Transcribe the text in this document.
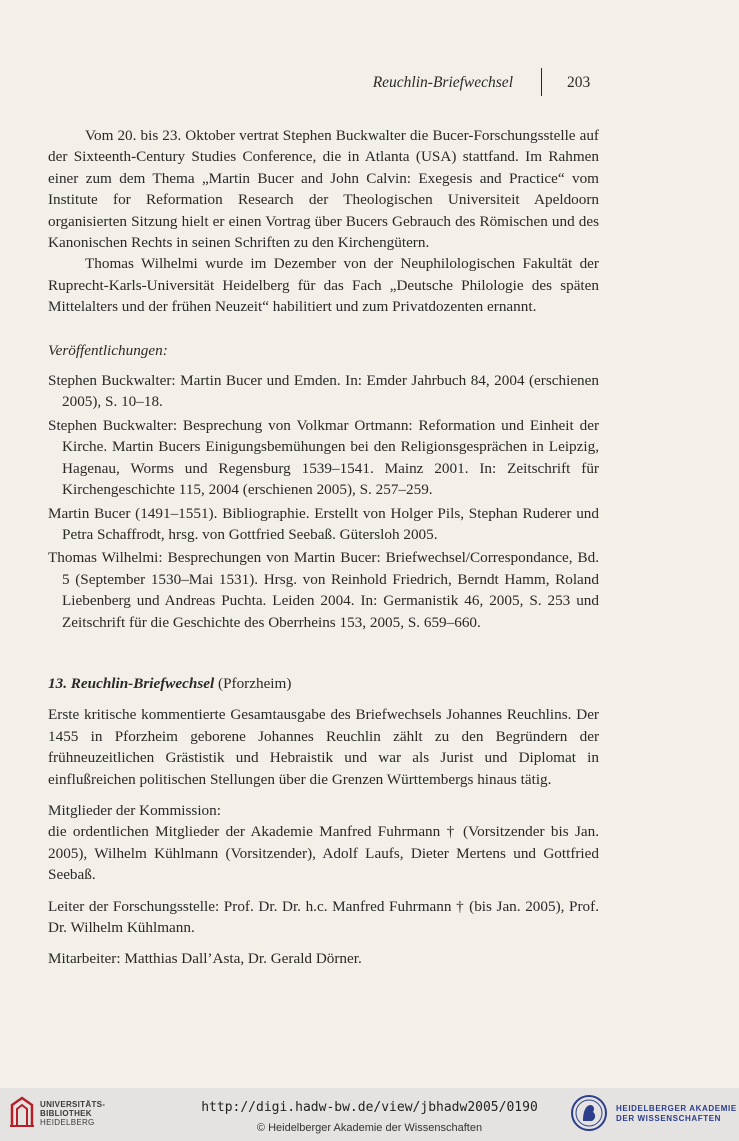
Reuchlin-Briefwechsel	203

Vom 20. bis 23. Oktober vertrat Stephen Buckwalter die Bucer-Forschungsstelle auf der Sixteenth-Century Studies Conference, die in Atlanta (USA) stattfand. Im Rahmen einer zum dem Thema „Martin Bucer and John Calvin: Exegesis and Practice“ vom Institute for Reformation Research der Theologischen Universiteit Apeldoorn organisierten Sitzung hielt er einen Vortrag über Bucers Gebrauch des Römischen und des Kanonischen Rechts in seinen Schriften zu den Kirchengütern.

Thomas Wilhelmi wurde im Dezember von der Neuphilologischen Fakultät der Ruprecht-Karls-Universität Heidelberg für das Fach „Deutsche Philologie des späten Mittelalters und der frühen Neuzeit“ habilitiert und zum Privatdozenten ernannt.

Veröffentlichungen:

Stephen Buckwalter: Martin Bucer und Emden. In: Emder Jahrbuch 84, 2004 (erschienen 2005), S. 10–18.

Stephen Buckwalter: Besprechung von Volkmar Ortmann: Reformation und Einheit der Kirche. Martin Bucers Einigungsbemühungen bei den Religionsgesprächen in Leipzig, Hagenau, Worms und Regensburg 1539–1541. Mainz 2001. In: Zeitschrift für Kirchengeschichte 115, 2004 (erschienen 2005), S. 257–259.

Martin Bucer (1491–1551). Bibliographie. Erstellt von Holger Pils, Stephan Ruderer und Petra Schaffrodt, hrsg. von Gottfried Seebaß. Gütersloh 2005.

Thomas Wilhelmi: Besprechungen von Martin Bucer: Briefwechsel/Correspondance, Bd. 5 (September 1530–Mai 1531). Hrsg. von Reinhold Friedrich, Berndt Hamm, Roland Liebenberg und Andreas Puchta. Leiden 2004. In: Germanistik 46, 2005, S. 253 und Zeitschrift für die Geschichte des Oberrheins 153, 2005, S. 659–660.

13. Reuchlin-Briefwechsel (Pforzheim)

Erste kritische kommentierte Gesamtausgabe des Briefwechsels Johannes Reuchlins. Der 1455 in Pforzheim geborene Johannes Reuchlin zählt zu den Begründern der frühneuzeitlichen Grästistik und Hebraistik und war als Jurist und Diplomat in einflußreichen politischen Stellungen über die Grenzen Württembergs hinaus tätig.

Mitglieder der Kommission:

die ordentlichen Mitglieder der Akademie Manfred Fuhrmann † (Vorsitzender bis Jan. 2005), Wilhelm Kühlmann (Vorsitzender), Adolf Laufs, Dieter Mertens und Gottfried Seebaß.

Leiter der Forschungsstelle: Prof. Dr. Dr. h.c. Manfred Fuhrmann † (bis Jan. 2005), Prof. Dr. Wilhelm Kühlmann.

Mitarbeiter: Matthias Dall’Asta, Dr. Gerald Dörner.

UNIVERSITÄTS-
BIBLIOTHEK
HEIDELBERG
http://digi.hadw-bw.de/view/jbhadw2005/0190
© Heidelberger Akademie der Wissenschaften
HEIDELBERGER AKADEMIE
DER WISSENSCHAFTEN
